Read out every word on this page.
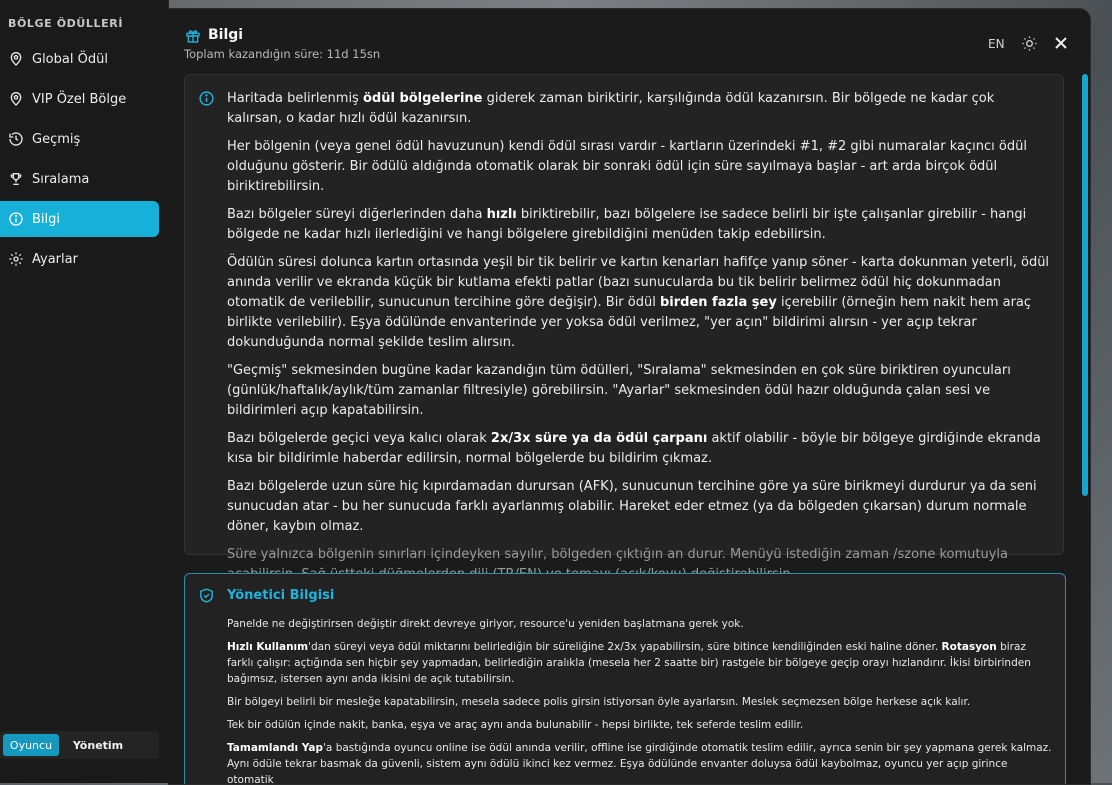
BÖLGE ÖDÜLLERİ
Global Ödül
VIP Özel Bölge
Geçmiş
Sıralama
Bilgi
Ayarlar
Oyuncu	Yönetim
Bilgi
Toplam kazandığın süre: 11d 15sn
EN

Haritada belirlenmiş ödül bölgelerine giderek zaman biriktirir, karşılığında ödül kazanırsın. Bir bölgede ne kadar çok kalırsan, o kadar hızlı ödül kazanırsın.

Her bölgenin (veya genel ödül havuzunun) kendi ödül sırası vardır - kartların üzerindeki #1, #2 gibi numaralar kaçıncı ödül olduğunu gösterir. Bir ödülü aldığında otomatik olarak bir sonraki ödül için süre sayılmaya başlar - art arda birçok ödül biriktirebilirsin.

Bazı bölgeler süreyi diğerlerinden daha hızlı biriktirebilir, bazı bölgelere ise sadece belirli bir işte çalışanlar girebilir - hangi bölgede ne kadar hızlı ilerlediğini ve hangi bölgelere girebildiğini menüden takip edebilirsin.

Ödülün süresi dolunca kartın ortasında yeşil bir tik belirir ve kartın kenarları hafifçe yanıp söner - karta dokunman yeterli, ödül anında verilir ve ekranda küçük bir kutlama efekti patlar (bazı sunucularda bu tik belirir belirmez ödül hiç dokunmadan otomatik de verilebilir, sunucunun tercihine göre değişir). Bir ödül birden fazla şey içerebilir (örneğin hem nakit hem araç birlikte verilebilir). Eşya ödülünde envanterinde yer yoksa ödül verilmez, "yer açın" bildirimi alırsın - yer açıp tekrar dokunduğunda normal şekilde teslim alırsın.

"Geçmiş" sekmesinden bugüne kadar kazandığın tüm ödülleri, "Sıralama" sekmesinden en çok süre biriktiren oyuncuları (günlük/haftalık/aylık/tüm zamanlar filtresiyle) görebilirsin. "Ayarlar" sekmesinden ödül hazır olduğunda çalan sesi ve bildirimleri açıp kapatabilirsin.

Bazı bölgelerde geçici veya kalıcı olarak 2x/3x süre ya da ödül çarpanı aktif olabilir - böyle bir bölgeye girdiğinde ekranda kısa bir bildirimle haberdar edilirsin, normal bölgelerde bu bildirim çıkmaz.

Bazı bölgelerde uzun süre hiç kıpırdamadan durursan (AFK), sunucunun tercihine göre ya süre birikmeyi durdurur ya da seni sunucudan atar - bu her sunucuda farklı ayarlanmış olabilir. Hareket eder etmez (ya da bölgeden çıkarsan) durum normale döner, kaybın olmaz.

Süre yalnızca bölgenin sınırları içindeyken sayılır, bölgeden çıktığın an durur. Menüyü istediğin zaman /szone komutuyla

Yönetici Bilgisi

Panelde ne değiştirirsen değiştir direkt devreye giriyor, resource'u yeniden başlatmana gerek yok.

Hızlı Kullanım'dan süreyi veya ödül miktarını belirlediğin bir süreliğine 2x/3x yapabilirsin, süre bitince kendiliğinden eski haline döner. Rotasyon biraz farklı çalışır: açtığında sen hiçbir şey yapmadan, belirlediğin aralıkla (mesela her 2 saatte bir) rastgele bir bölgeye geçip orayı hızlandırır. İkisi birbirinden bağımsız, istersen aynı anda ikisini de açık tutabilirsin.

Bir bölgeyi belirli bir mesleğe kapatabilirsin, mesela sadece polis girsin istiyorsan öyle ayarlarsın. Meslek seçmezsen bölge herkese açık kalır.

Tek bir ödülün içinde nakit, banka, eşya ve araç aynı anda bulunabilir - hepsi birlikte, tek seferde teslim edilir.

Tamamlandı Yap'a bastığında oyuncu online ise ödül anında verilir, offline ise girdiğinde otomatik teslim edilir, ayrıca senin bir şey yapmana gerek kalmaz. Aynı ödüle tekrar basmak da güvenli, sistem aynı ödülü ikinci kez vermez. Eşya ödülünde envanter doluysa ödül kaybolmaz, oyuncu yer açıp girince otomatik
